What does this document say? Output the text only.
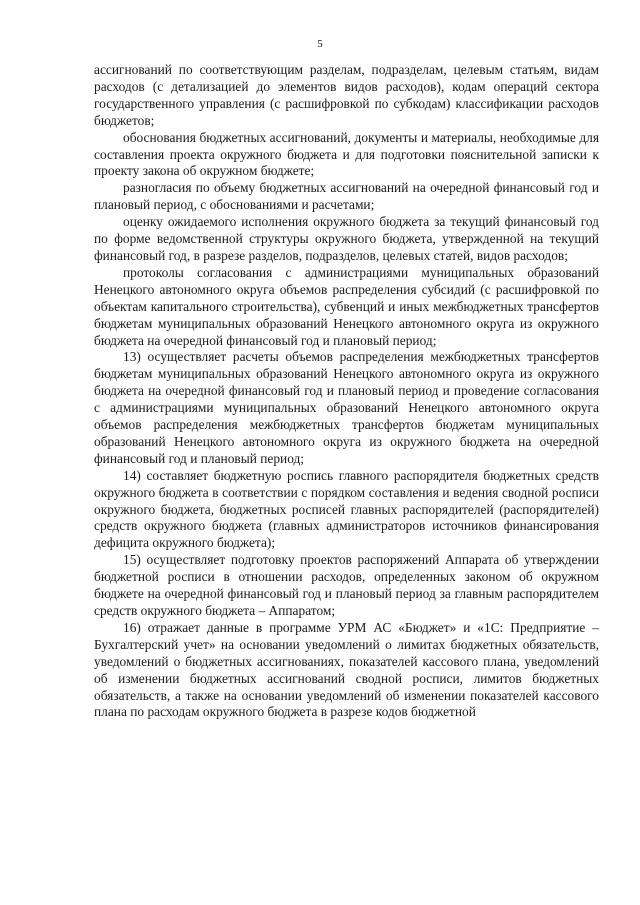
5

ассигнований по соответствующим разделам, подразделам, целевым статьям, видам расходов (с детализацией до элементов видов расходов), кодам операций сектора государственного управления (с расшифровкой по субкодам) классификации расходов бюджетов;

обоснования бюджетных ассигнований, документы и материалы, необходимые для составления проекта окружного бюджета и для подготовки пояснительной записки к проекту закона об окружном бюджете;

разногласия по объему бюджетных ассигнований на очередной финансовый год и плановый период, с обоснованиями и расчетами;

оценку ожидаемого исполнения окружного бюджета за текущий финансовый год по форме ведомственной структуры окружного бюджета, утвержденной на текущий финансовый год, в разрезе разделов, подразделов, целевых статей, видов расходов;

протоколы согласования с администрациями муниципальных образований Ненецкого автономного округа объемов распределения субсидий (с расшифровкой по объектам капитального строительства), субвенций и иных межбюджетных трансфертов бюджетам муниципальных образований Ненецкого автономного округа из окружного бюджета на очередной финансовый год и плановый период;

13) осуществляет расчеты объемов распределения межбюджетных трансфертов бюджетам муниципальных образований Ненецкого автономного округа из окружного бюджета на очередной финансовый год и плановый период и проведение согласования с администрациями муниципальных образований Ненецкого автономного округа объемов распределения межбюджетных трансфертов бюджетам муниципальных образований Ненецкого автономного округа из окружного бюджета на очередной финансовый год и плановый период;

14) составляет бюджетную роспись главного распорядителя бюджетных средств окружного бюджета в соответствии с порядком составления и ведения сводной росписи окружного бюджета, бюджетных росписей главных распорядителей (распорядителей) средств окружного бюджета (главных администраторов источников финансирования дефицита окружного бюджета);

15) осуществляет подготовку проектов распоряжений Аппарата об утверждении бюджетной росписи в отношении расходов, определенных законом об окружном бюджете на очередной финансовый год и плановый период за главным распорядителем средств окружного бюджета – Аппаратом;

16) отражает данные в программе УРМ АС «Бюджет» и «1С: Предприятие – Бухгалтерский учет» на основании уведомлений о лимитах бюджетных обязательств, уведомлений о бюджетных ассигнованиях, показателей кассового плана, уведомлений об изменении бюджетных ассигнований сводной росписи, лимитов бюджетных обязательств, а также на основании уведомлений об изменении показателей кассового плана по расходам окружного бюджета в разрезе кодов бюджетной
